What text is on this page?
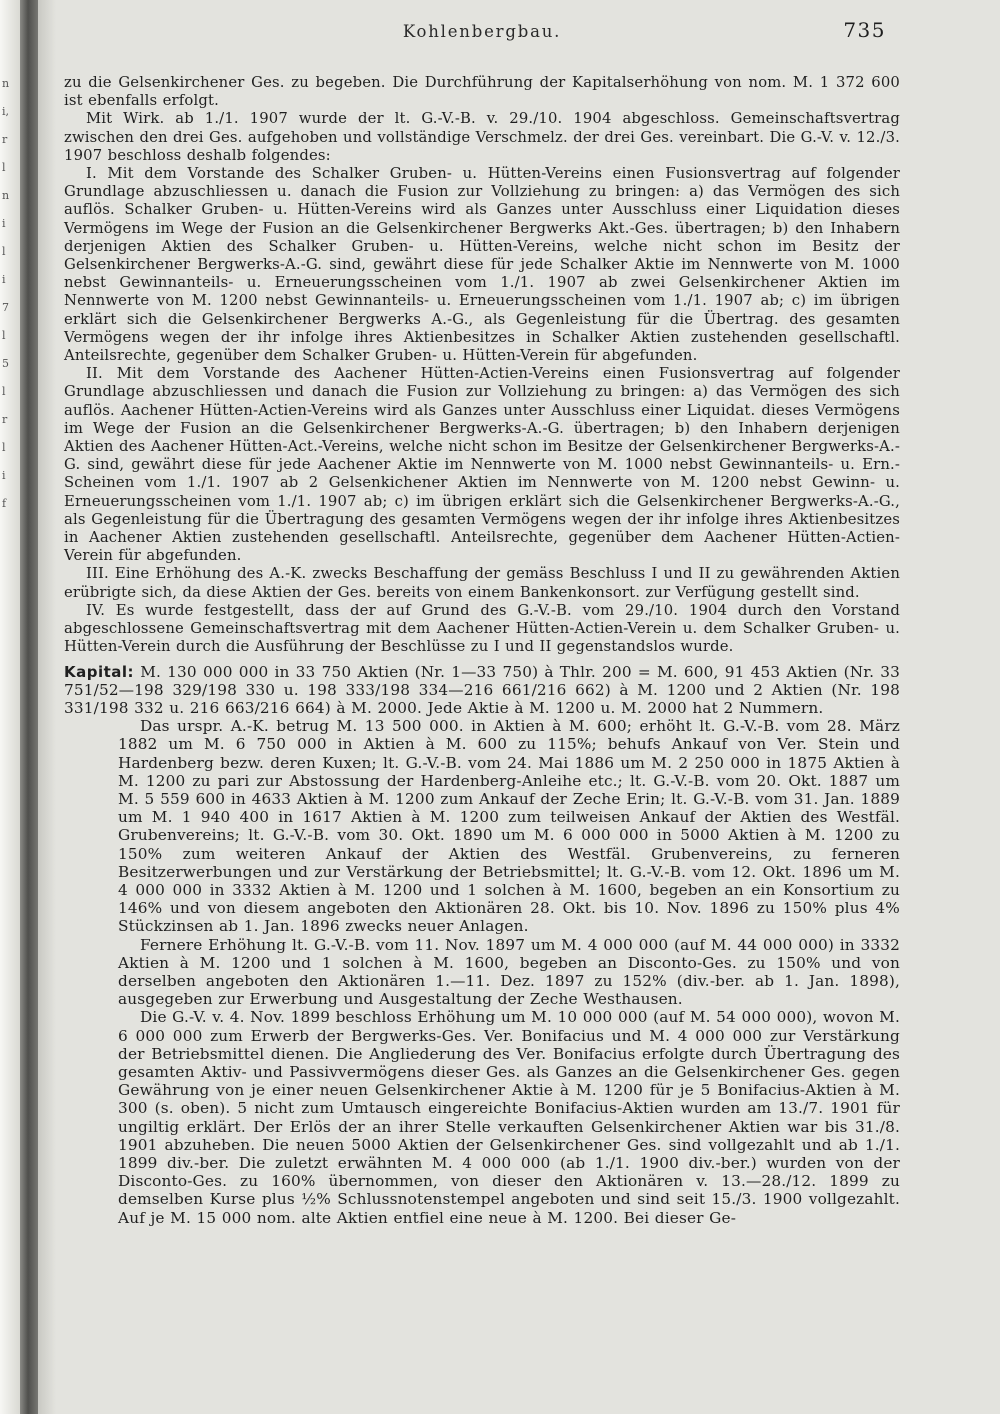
n
i,
r
l
n
i
l
i
7
l
5
l
r
l
i
f
Kohlenbergbau.	735

zu die Gelsenkirchener Ges. zu begeben. Die Durchführung der Kapitalserhöhung von nom. M. 1 372 600 ist ebenfalls erfolgt.

Mit Wirk. ab 1./1. 1907 wurde der lt. G.-V.-B. v. 29./10. 1904 abgeschloss. Gemeinschaftsvertrag zwischen den drei Ges. aufgehoben und vollständige Verschmelz. der drei Ges. vereinbart. Die G.-V. v. 12./3. 1907 beschloss deshalb folgendes:

I. Mit dem Vorstande des Schalker Gruben- u. Hütten-Vereins einen Fusionsvertrag auf folgender Grundlage abzuschliessen u. danach die Fusion zur Vollziehung zu bringen: a) das Vermögen des sich auflös. Schalker Gruben- u. Hütten-Vereins wird als Ganzes unter Ausschluss einer Liquidation dieses Vermögens im Wege der Fusion an die Gelsenkirchener Bergwerks Akt.-Ges. übertragen; b) den Inhabern derjenigen Aktien des Schalker Gruben- u. Hütten-Vereins, welche nicht schon im Besitz der Gelsenkirchener Bergwerks-A.-G. sind, gewährt diese für jede Schalker Aktie im Nennwerte von M. 1000 nebst Gewinnanteils- u. Erneuerungsscheinen vom 1./1. 1907 ab zwei Gelsenkirchener Aktien im Nennwerte von M. 1200 nebst Gewinnanteils- u. Erneuerungsscheinen vom 1./1. 1907 ab; c) im übrigen erklärt sich die Gelsenkirchener Bergwerks A.-G., als Gegenleistung für die Übertrag. des gesamten Vermögens wegen der ihr infolge ihres Aktienbesitzes in Schalker Aktien zustehenden gesellschaftl. Anteilsrechte, gegenüber dem Schalker Gruben- u. Hütten-Verein für abgefunden.

II. Mit dem Vorstande des Aachener Hütten-Actien-Vereins einen Fusionsvertrag auf folgender Grundlage abzuschliessen und danach die Fusion zur Vollziehung zu bringen: a) das Vermögen des sich auflös. Aachener Hütten-Actien-Vereins wird als Ganzes unter Ausschluss einer Liquidat. dieses Vermögens im Wege der Fusion an die Gelsenkirchener Bergwerks-A.-G. übertragen; b) den Inhabern derjenigen Aktien des Aachener Hütten-Act.-Vereins, welche nicht schon im Besitze der Gelsenkirchener Bergwerks-A.-G. sind, gewährt diese für jede Aachener Aktie im Nennwerte von M. 1000 nebst Gewinnanteils- u. Ern.-Scheinen vom 1./1. 1907 ab 2 Gelsenkichener Aktien im Nennwerte von M. 1200 nebst Gewinn- u. Erneuerungsscheinen vom 1./1. 1907 ab; c) im übrigen erklärt sich die Gelsenkirchener Bergwerks-A.-G., als Gegenleistung für die Übertragung des gesamten Vermögens wegen der ihr infolge ihres Aktienbesitzes in Aachener Aktien zustehenden gesellschaftl. Anteilsrechte, gegenüber dem Aachener Hütten-Actien-Verein für abgefunden.

III. Eine Erhöhung des A.-K. zwecks Beschaffung der gemäss Beschluss I und II zu gewährenden Aktien erübrigte sich, da diese Aktien der Ges. bereits von einem Bankenkonsort. zur Verfügung gestellt sind.

IV. Es wurde festgestellt, dass der auf Grund des G.-V.-B. vom 29./10. 1904 durch den Vorstand abgeschlossene Gemeinschaftsvertrag mit dem Aachener Hütten-Actien-Verein u. dem Schalker Gruben- u. Hütten-Verein durch die Ausführung der Beschlüsse zu I und II gegenstandslos wurde.

Kapital: M. 130 000 000 in 33 750 Aktien (Nr. 1—33 750) à Thlr. 200 = M. 600, 91 453 Aktien (Nr. 33 751/52—198 329/198 330 u. 198 333/198 334—216 661/216 662) à M. 1200 und 2 Aktien (Nr. 198 331/198 332 u. 216 663/216 664) à M. 2000. Jede Aktie à M. 1200 u. M. 2000 hat 2 Nummern.

Das urspr. A.-K. betrug M. 13 500 000. in Aktien à M. 600; erhöht lt. G.-V.-B. vom 28. März 1882 um M. 6 750 000 in Aktien à M. 600 zu 115%; behufs Ankauf von Ver. Stein und Hardenberg bezw. deren Kuxen; lt. G.-V.-B. vom 24. Mai 1886 um M. 2 250 000 in 1875 Aktien à M. 1200 zu pari zur Abstossung der Hardenberg-Anleihe etc.; lt. G.-V.-B. vom 20. Okt. 1887 um M. 5 559 600 in 4633 Aktien à M. 1200 zum Ankauf der Zeche Erin; lt. G.-V.-B. vom 31. Jan. 1889 um M. 1 940 400 in 1617 Aktien à M. 1200 zum teilweisen Ankauf der Aktien des Westfäl. Grubenvereins; lt. G.-V.-B. vom 30. Okt. 1890 um M. 6 000 000 in 5000 Aktien à M. 1200 zu 150% zum weiteren Ankauf der Aktien des Westfäl. Grubenvereins, zu ferneren Besitzerwerbungen und zur Verstärkung der Betriebsmittel; lt. G.-V.-B. vom 12. Okt. 1896 um M. 4 000 000 in 3332 Aktien à M. 1200 und 1 solchen à M. 1600, begeben an ein Konsortium zu 146% und von diesem angeboten den Aktionären 28. Okt. bis 10. Nov. 1896 zu 150% plus 4% Stückzinsen ab 1. Jan. 1896 zwecks neuer Anlagen.

Fernere Erhöhung lt. G.-V.-B. vom 11. Nov. 1897 um M. 4 000 000 (auf M. 44 000 000) in 3332 Aktien à M. 1200 und 1 solchen à M. 1600, begeben an Disconto-Ges. zu 150% und von derselben angeboten den Aktionären 1.—11. Dez. 1897 zu 152% (div.-ber. ab 1. Jan. 1898), ausgegeben zur Erwerbung und Ausgestaltung der Zeche Westhausen.

Die G.-V. v. 4. Nov. 1899 beschloss Erhöhung um M. 10 000 000 (auf M. 54 000 000), wovon M. 6 000 000 zum Erwerb der Bergwerks-Ges. Ver. Bonifacius und M. 4 000 000 zur Verstärkung der Betriebsmittel dienen. Die Angliederung des Ver. Bonifacius erfolgte durch Übertragung des gesamten Aktiv- und Passivvermögens dieser Ges. als Ganzes an die Gelsenkirchener Ges. gegen Gewährung von je einer neuen Gelsenkirchener Aktie à M. 1200 für je 5 Bonifacius-Aktien à M. 300 (s. oben). 5 nicht zum Umtausch eingereichte Bonifacius-Aktien wurden am 13./7. 1901 für ungiltig erklärt. Der Erlös der an ihrer Stelle verkauften Gelsenkirchener Aktien war bis 31./8. 1901 abzuheben. Die neuen 5000 Aktien der Gelsenkirchener Ges. sind vollgezahlt und ab 1./1. 1899 div.-ber. Die zuletzt erwähnten M. 4 000 000 (ab 1./1. 1900 div.-ber.) wurden von der Disconto-Ges. zu 160% übernommen, von dieser den Aktionären v. 13.—28./12. 1899 zu demselben Kurse plus ½% Schlussnotenstempel angeboten und sind seit 15./3. 1900 vollgezahlt. Auf je M. 15 000 nom. alte Aktien entfiel eine neue à M. 1200. Bei dieser Ge-
